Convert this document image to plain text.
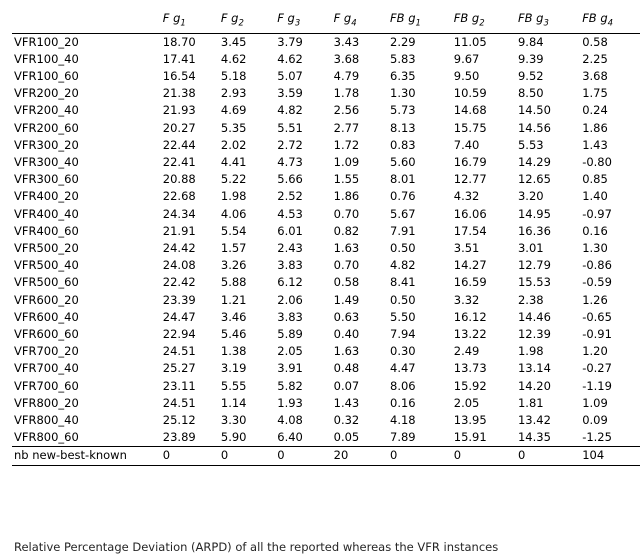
	F $g_1$	F $g_2$	F $g_3$	F $g_4$	FB $g_1$	FB $g_2$	FB $g_3$	FB $g_4$
VFR100_20	18.70	3.45	3.79	3.43	2.29	11.05	9.84	0.58
VFR100_40	17.41	4.62	4.62	3.68	5.83	9.67	9.39	2.25
VFR100_60	16.54	5.18	5.07	4.79	6.35	9.50	9.52	3.68
VFR200_20	21.38	2.93	3.59	1.78	1.30	10.59	8.50	1.75
VFR200_40	21.93	4.69	4.82	2.56	5.73	14.68	14.50	0.24
VFR200_60	20.27	5.35	5.51	2.77	8.13	15.75	14.56	1.86
VFR300_20	22.44	2.02	2.72	1.72	0.83	7.40	5.53	1.43
VFR300_40	22.41	4.41	4.73	1.09	5.60	16.79	14.29	-0.80
VFR300_60	20.88	5.22	5.66	1.55	8.01	12.77	12.65	0.85
VFR400_20	22.68	1.98	2.52	1.86	0.76	4.32	3.20	1.40
VFR400_40	24.34	4.06	4.53	0.70	5.67	16.06	14.95	-0.97
VFR400_60	21.91	5.54	6.01	0.82	7.91	17.54	16.36	0.16
VFR500_20	24.42	1.57	2.43	1.63	0.50	3.51	3.01	1.30
VFR500_40	24.08	3.26	3.83	0.70	4.82	14.27	12.79	-0.86
VFR500_60	22.42	5.88	6.12	0.58	8.41	16.59	15.53	-0.59
VFR600_20	23.39	1.21	2.06	1.49	0.50	3.32	2.38	1.26
VFR600_40	24.47	3.46	3.83	0.63	5.50	16.12	14.46	-0.65
VFR600_60	22.94	5.46	5.89	0.40	7.94	13.22	12.39	-0.91
VFR700_20	24.51	1.38	2.05	1.63	0.30	2.49	1.98	1.20
VFR700_40	25.27	3.19	3.91	0.48	4.47	13.73	13.14	-0.27
VFR700_60	23.11	5.55	5.82	0.07	8.06	15.92	14.20	-1.19
VFR800_20	24.51	1.14	1.93	1.43	0.16	2.05	1.81	1.09
VFR800_40	25.12	3.30	4.08	0.32	4.18	13.95	13.42	0.09
VFR800_60	23.89	5.90	6.40	0.05	7.89	15.91	14.35	-1.25
nb new-best-known	0	0	0	20	0	0	0	104
Relative Percentage Deviation (ARPD) of all the reported whereas the VFR instances
